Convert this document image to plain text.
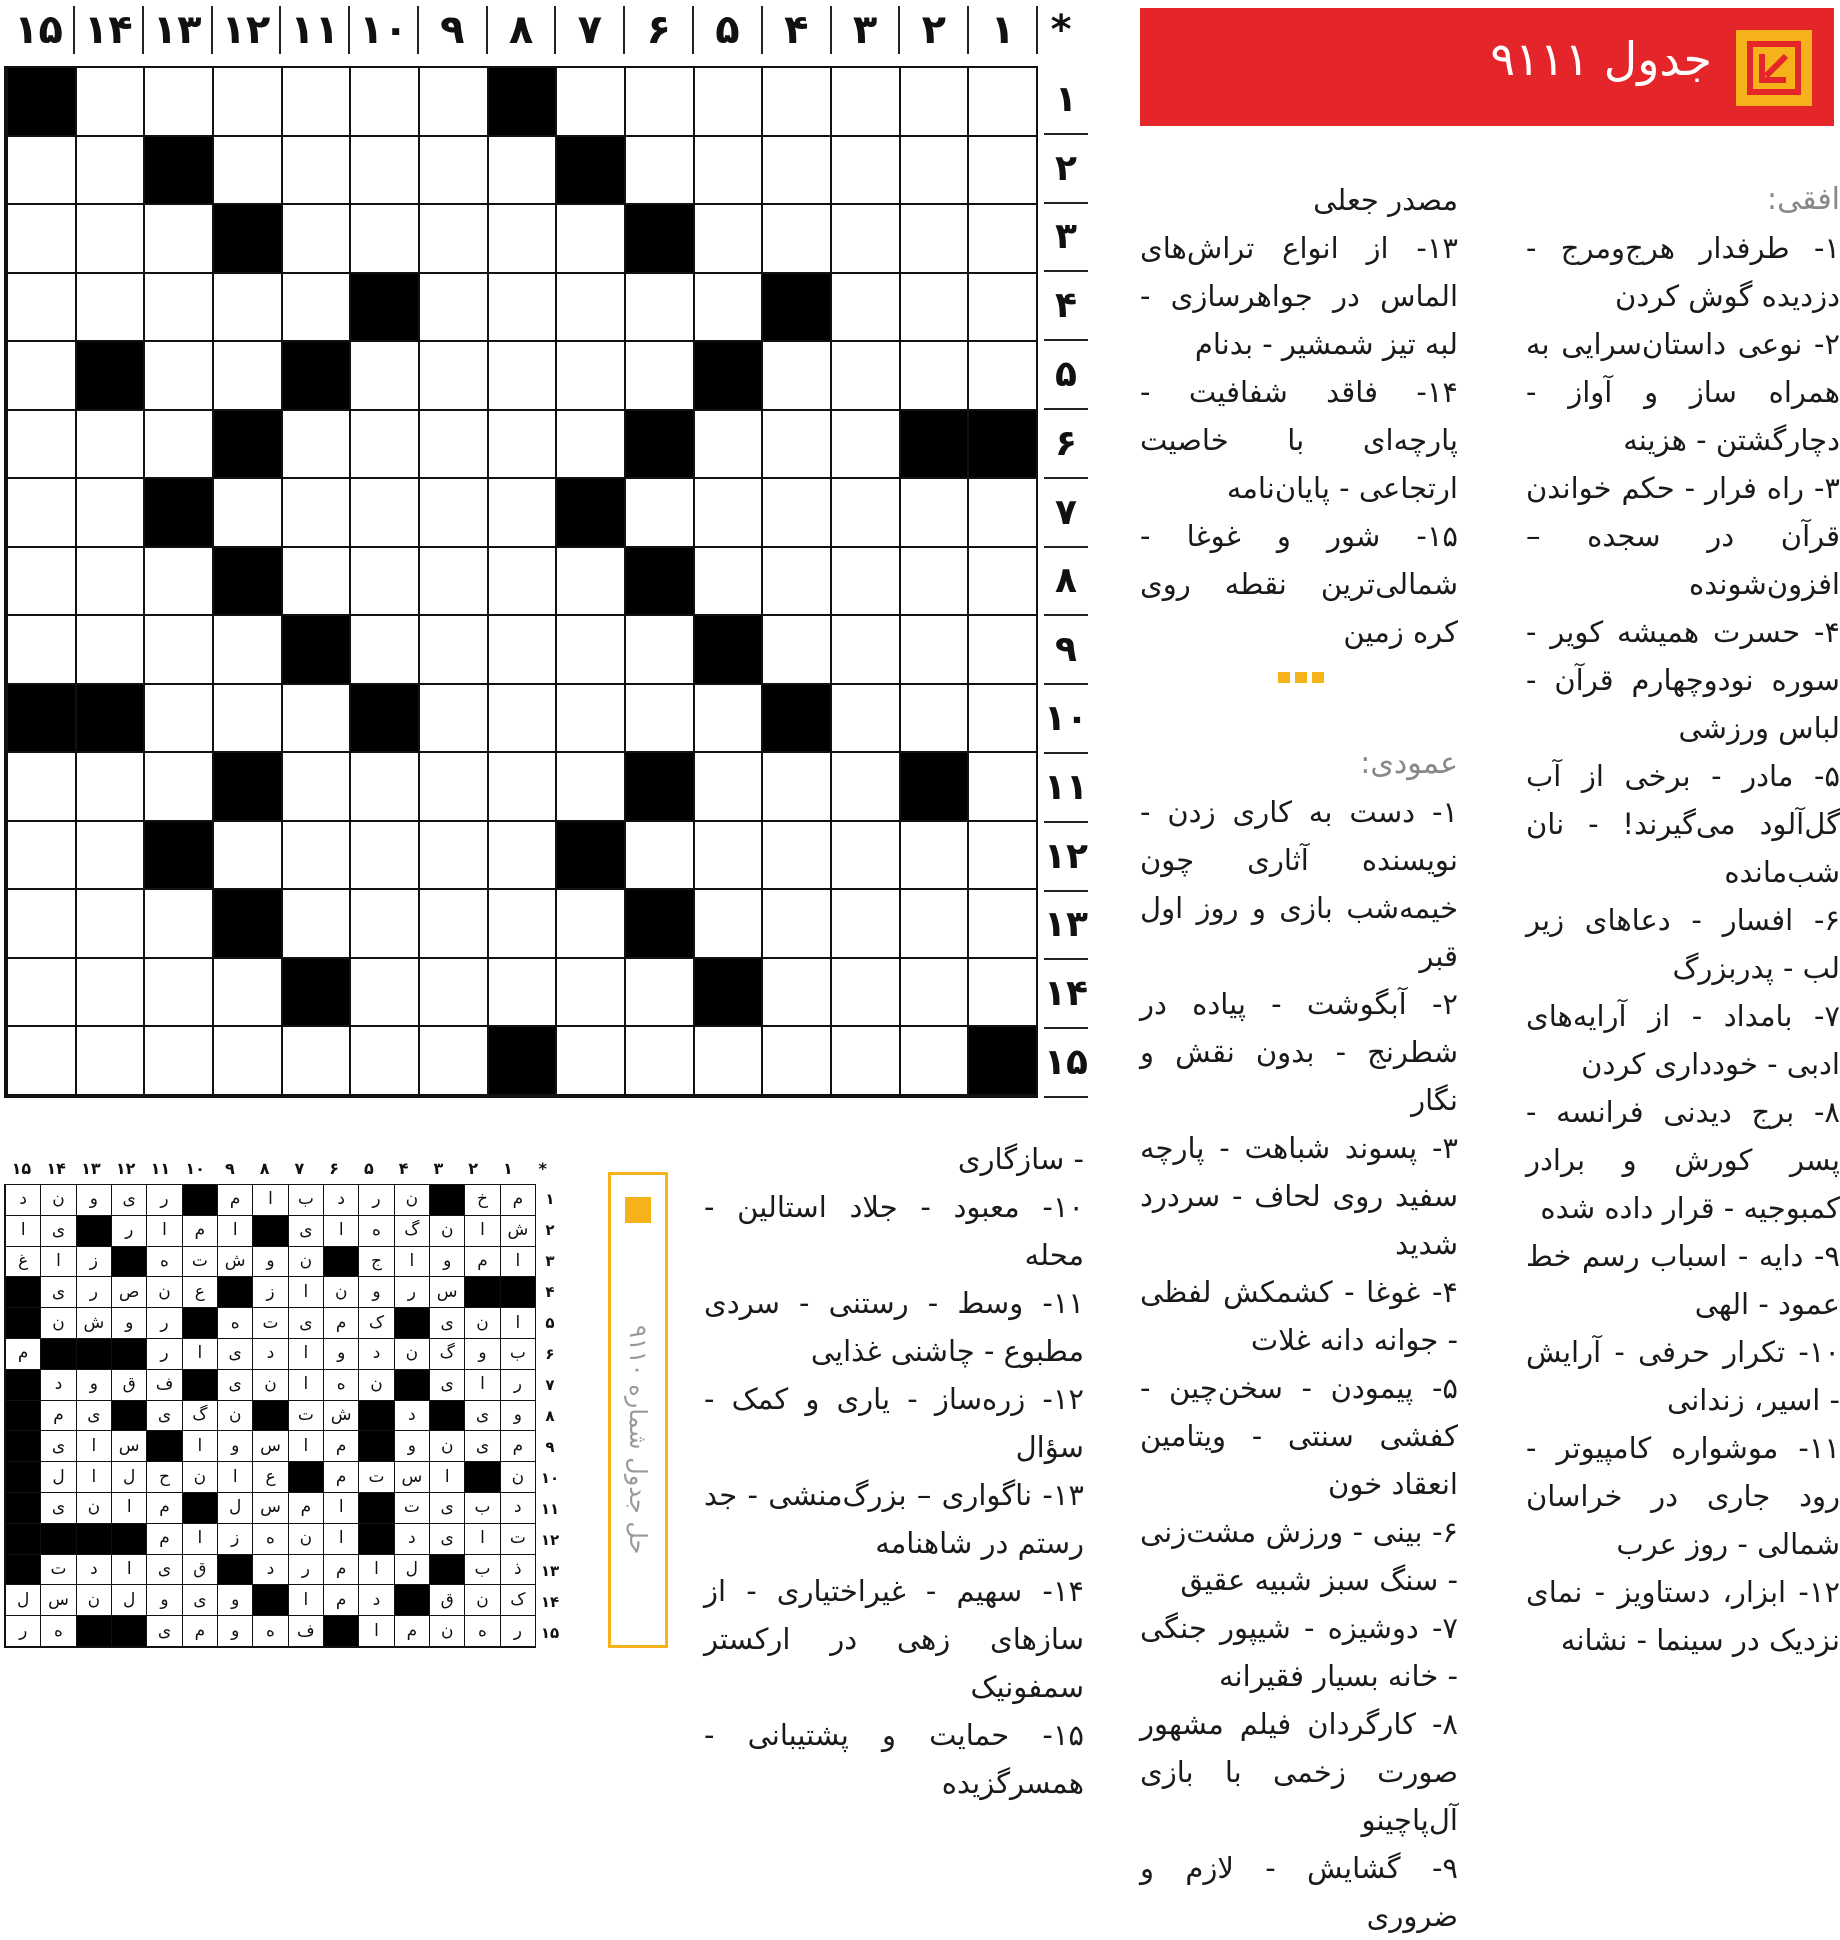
جدول ۹۱۱۱
*
۱
۲
۳
۴
۵
۶
۷
۸
۹
۱۰
۱۱
۱۲
۱۳
۱۴
۱۵
۱
۲
۳
۴
۵
۶
۷
۸
۹
۱۰
۱۱
۱۲
۱۳
۱۴
۱۵
افقی:

۱- طرفدار هرج‌ومرج - دزدیده گوش کردن

۲- نوعی داستان‌سرایی به همراه ساز و آواز - دچارگشتن - هزینه

۳- راه فرار - حکم خواندن قرآن در سجده – افزون‌شونده

۴- حسرت همیشه کویر - سوره نودوچهارم قرآن - لباس ورزشی

۵- مادر - برخی از آب گل‌آلود می‌گیرند! - نان شب‌مانده

۶- افسار - دعاهای زیر لب - پدربزرگ

۷- بامداد - از آرایه‌های ادبی - خودداری کردن

۸- برج دیدنی فرانسه - پسر کورش و برادر کمبوجیه - قرار داده شده

۹- دایه - اسباب رسم خط عمود - الهی

۱۰- تکرار حرفی - آرایش - اسیر، زندانی

۱۱- موشواره کامپیوتر - رود جاری در خراسان شمالی - روز عرب

۱۲- ابزار، دستاویز - نمای نزدیک در سینما - نشانه

مصدر جعلی

۱۳- از انواع تراش‌های الماس در جواهرسازی - لبه تیز شمشیر - بدنام

۱۴- فاقد شفافیت - پارچه‌ای با خاصیت ارتجاعی - پایان‌نامه

۱۵- شور و غوغا - شمالی‌ترین نقطه روی کره زمین

عمودی:

۱- دست به کاری زدن - نویسنده آثاری چون خیمه‌شب‌ بازی و روز اول قبر

۲- آبگوشت - پیاده در شطرنج - بدون نقش و نگار

۳- پسوند شباهت - پارچه سفید روی لحاف - سردرد شدید

۴- غوغا - کشمکش لفظی - جوانه دانه غلات

۵- پیمودن - سخن‌چین - کفشی سنتی - ویتامین انعقاد خون

۶- بینی - ورزش مشت‌زنی - سنگ سبز شبیه عقیق

۷- دوشیزه - شیپور جنگی - خانه بسیار فقیرانه

۸- کارگردان فیلم مشهور صورت زخمی با بازی آل‌پاچینو

۹- گشایش - لازم و ضروری

- سازگاری

۱۰- معبود - جلاد استالین - محله

۱۱- وسط - رستنی - سردی مطبوع - چاشنی غذایی

۱۲- زره‌ساز - یاری و کمک - سؤال

۱۳- ناگواری – بزرگ‌منشی - جد رستم در شاهنامه

۱۴- سهیم - غیراختیاری - از سازهای زهی در ارکستر سمفونیک

۱۵- حمایت و پشتیبانی - همسرگزیده

حل جدول شماره ۹۱۱۰
*
۱
۲
۳
۴
۵
۶
۷
۸
۹
۱۰
۱۱
۱۲
۱۳
۱۴
۱۵
م
خ
ن
ر
د
ب
ا
م
ر
ی
و
ن
د
ش
ا
ن
گ
ه
ا
ی
ا
م
ا
ر
ی
ا
ا
م
و
ا
ج
ن
و
ش
ت
ه
ز
ا
غ
س
ر
و
ن
ا
ز
ع
ن
ص
ر
ی
ا
ن
ی
ک
م
ی
ت
ه
ر
و
ش
ن
ب
و
گ
ن
د
و
ا
د
ی
ا
ر
م
ر
ا
ی
ن
ه
ا
ن
ی
ف
ق
و
د
و
ی
د
ش
ت
ن
گ
ی
ی
م
م
ی
ن
و
م
ا
س
و
ا
س
ا
ی
ن
ا
س
ت
م
ع
ا
ن
ح
ل
ا
ل
د
ب
ی
ت
ا
م
س
ل
م
ا
ن
ی
ت
ا
ی
د
ا
ن
ه
ز
ا
م
ذ
ب
ل
ا
م
ر
د
ق
ی
ا
د
ت
ک
ن
ق
د
م
ا
و
ی
و
ل
ن
س
ل
ر
ه
ن
م
ا
ف
ه
و
م
ی
ه
ر
۱
۲
۳
۴
۵
۶
۷
۸
۹
۱۰
۱۱
۱۲
۱۳
۱۴
۱۵
